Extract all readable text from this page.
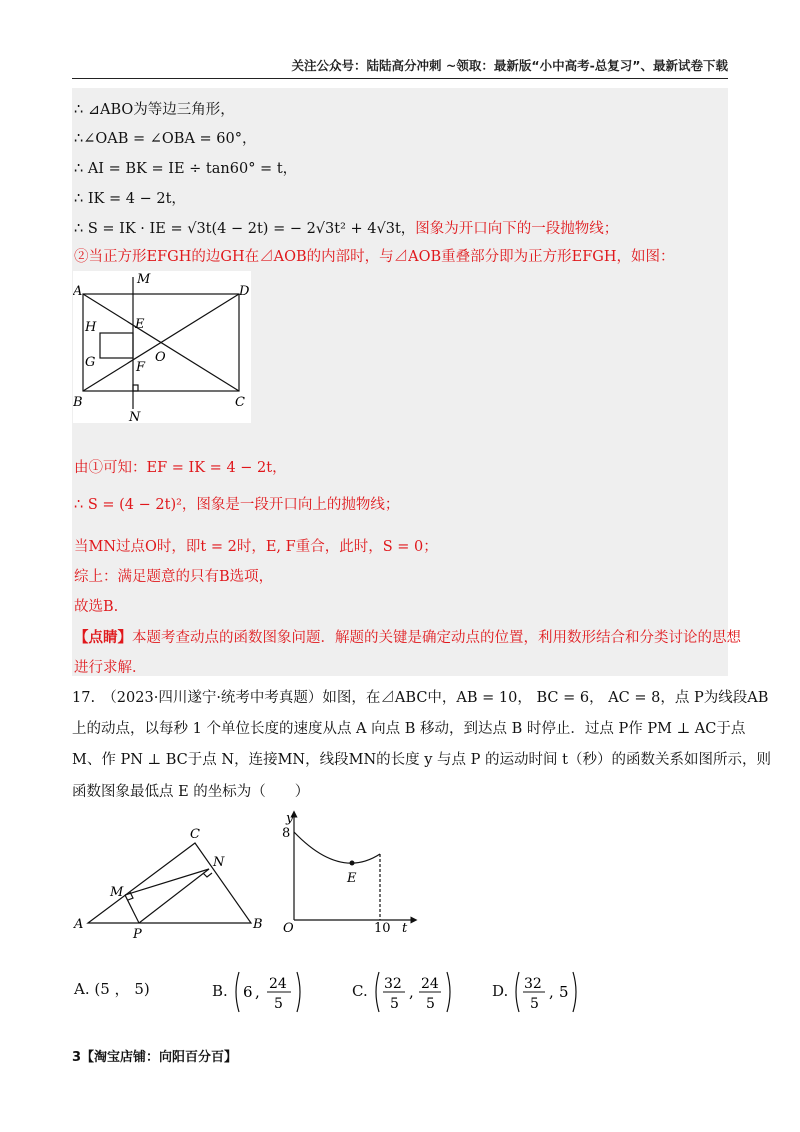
关注公众号：陆陆高分冲刺 ~领取：最新版“小中高考-总复习”、最新试卷下载
∴ ⊿ABO为等边三角形，
∴∠OAB = ∠OBA = 60°，
∴ AI = BK = IE ÷ tan60° = t，
∴ IK = 4 − 2t，
∴ S = IK · IE = √3t(4 − 2t) = − 2√3t² + 4√3t，图象为开口向下的一段抛物线；
②当正方形EFGH的边GH在⊿AOB的内部时，与⊿AOB重叠部分即为正方形EFGH，如图：
M
A	D
H	E
G	O
F
B	C
N
由①可知：EF = IK = 4 − 2t，
∴ S = (4 − 2t)²，图象是一段开口向上的抛物线；
当MN过点O时，即t = 2时，E, F重合，此时，S = 0；
综上：满足题意的只有B选项，
故选B.
【点睛】本题考查动点的函数图象问题．解题的关键是确定动点的位置，利用数形结合和分类讨论的思想
进行求解．
17.　（2023·四川遂宁·统考中考真题）如图，在⊿ABC中，AB = 10， BC = 6， AC = 8，点 P为线段AB
上的动点，以每秒 1 个单位长度的速度从点 A 向点 B 移动，到达点 B 时停止．过点 P作 PM ⊥ AC于点
M、作 PN ⊥ BC于点 N，连接MN，线段MN的长度 y 与点 P 的运动时间 t（秒）的函数关系如图所示，则
函数图象最低点 E 的坐标为（　　）
C
N
M
A
P
B
y
8
E
O	10 t
A. (5 ， 5)	B. 6 , 24
5
C. 32
5
, 24
5
D. 32
5
, 5
3【淘宝店铺：向阳百分百】
